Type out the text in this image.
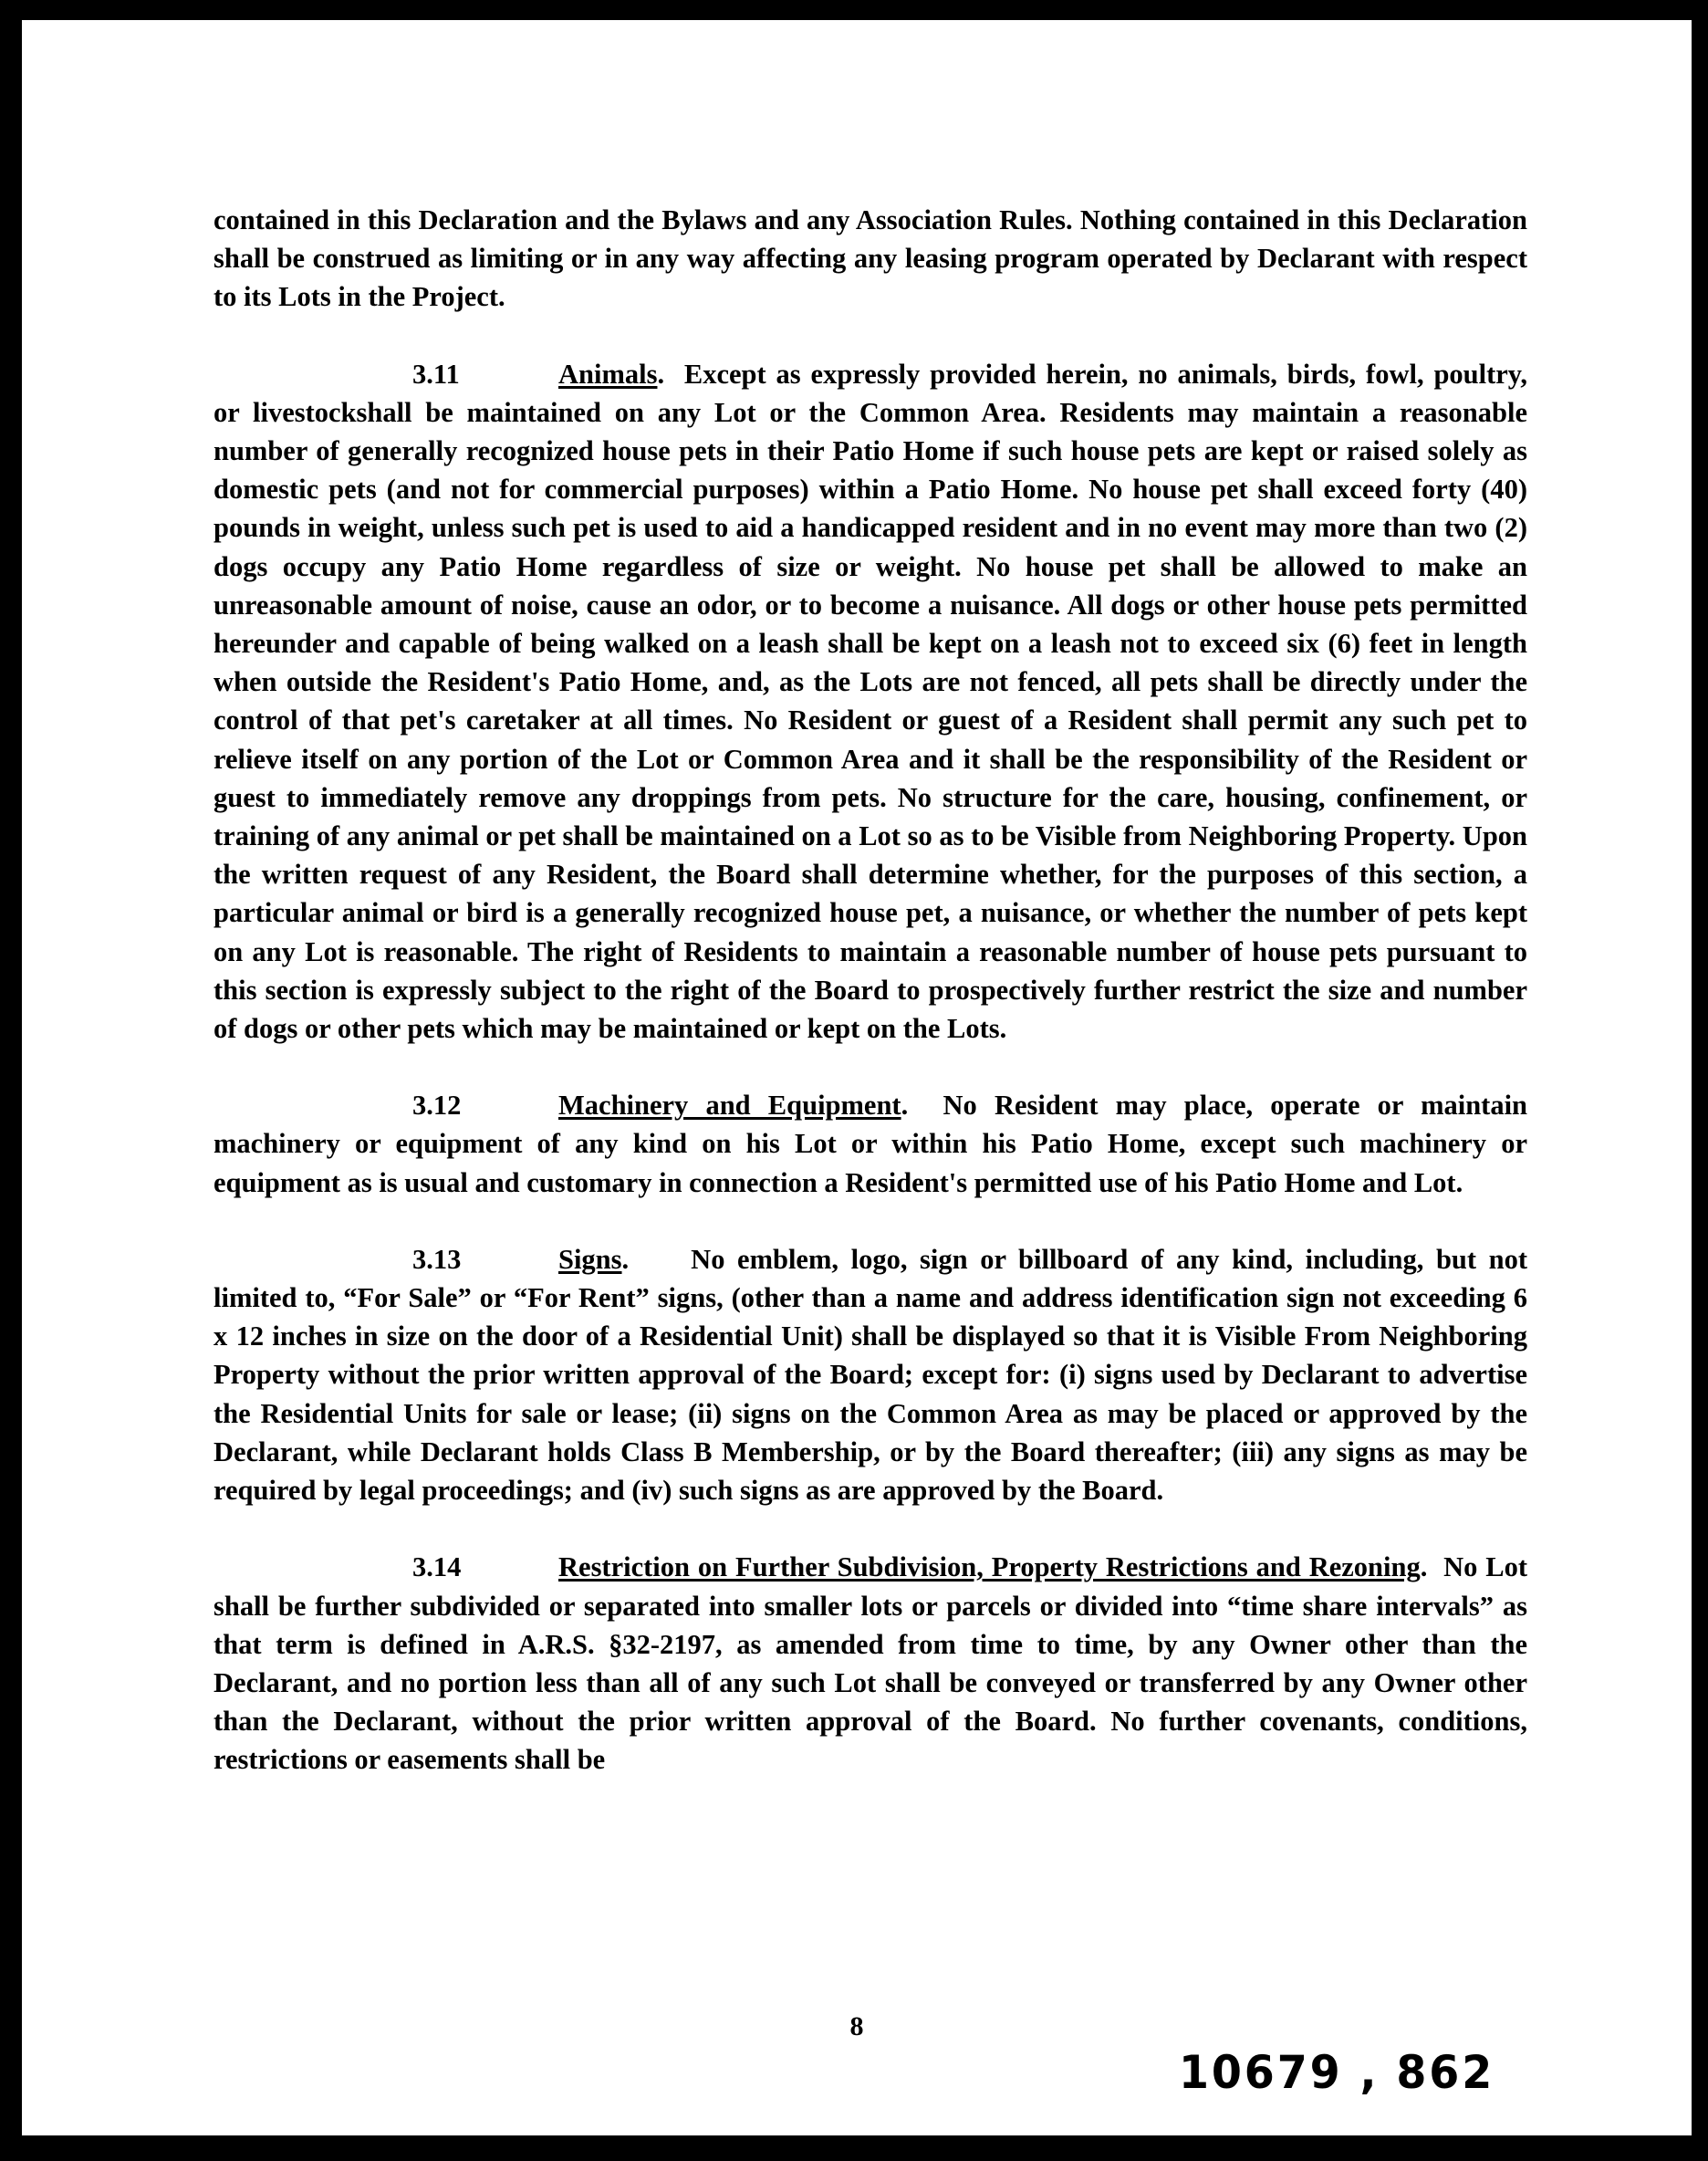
contained in this Declaration and the Bylaws and any Association Rules. Nothing contained in this Declaration shall be construed as limiting or in any way affecting any leasing program operated by Declarant with respect to its Lots in the Project.

3.11	Animals.  Except as expressly provided herein, no animals, birds, fowl, poultry, or livestockshall be maintained on any Lot or the Common Area. Residents may maintain a reasonable number of generally recognized house pets in their Patio Home if such house pets are kept or raised solely as domestic pets (and not for commercial purposes) within a Patio Home. No house pet shall exceed forty (40) pounds in weight, unless such pet is used to aid a handicapped resident and in no event may more than two (2) dogs occupy any Patio Home regardless of size or weight. No house pet shall be allowed to make an unreasonable amount of noise, cause an odor, or to become a nuisance. All dogs or other house pets permitted hereunder and capable of being walked on a leash shall be kept on a leash not to exceed six (6) feet in length when outside the Resident's Patio Home, and, as the Lots are not fenced, all pets shall be directly under the control of that pet's caretaker at all times. No Resident or guest of a Resident shall permit any such pet to relieve itself on any portion of the Lot or Common Area and it shall be the responsibility of the Resident or guest to immediately remove any droppings from pets. No structure for the care, housing, confinement, or training of any animal or pet shall be maintained on a Lot so as to be Visible from Neighboring Property. Upon the written request of any Resident, the Board shall determine whether, for the purposes of this section, a particular animal or bird is a generally recognized house pet, a nuisance, or whether the number of pets kept on any Lot is reasonable. The right of Residents to maintain a reasonable number of house pets pursuant to this section is expressly subject to the right of the Board to prospectively further restrict the size and number of dogs or other pets which may be maintained or kept on the Lots.

3.12	Machinery and Equipment.  No Resident may place, operate or maintain machinery or equipment of any kind on his Lot or within his Patio Home, except such machinery or equipment as is usual and customary in connection a Resident's permitted use of his Patio Home and Lot.

3.13	Signs.     No emblem, logo, sign or billboard of any kind, including, but not limited to, “For Sale” or “For Rent” signs, (other than a name and address identification sign not exceeding 6 x 12 inches in size on the door of a Residential Unit) shall be displayed so that it is Visible From Neighboring Property without the prior written approval of the Board; except for: (i) signs used by Declarant to advertise the Residential Units for sale or lease; (ii) signs on the Common Area as may be placed or approved by the Declarant, while Declarant holds Class B Membership, or by the Board thereafter; (iii) any signs as may be required by legal proceedings; and (iv) such signs as are approved by the Board.

3.14	Restriction on Further Subdivision, Property Restrictions and Rezoning.  No Lot shall be further subdivided or separated into smaller lots or parcels or divided into “time share intervals” as that term is defined in A.R.S. §32-2197, as amended from time to time, by any Owner other than the Declarant, and no portion less than all of any such Lot shall be conveyed or transferred by any Owner other than the Declarant, without the prior written approval of the Board. No further covenants, conditions, restrictions or easements shall be

8
10679 , 862
